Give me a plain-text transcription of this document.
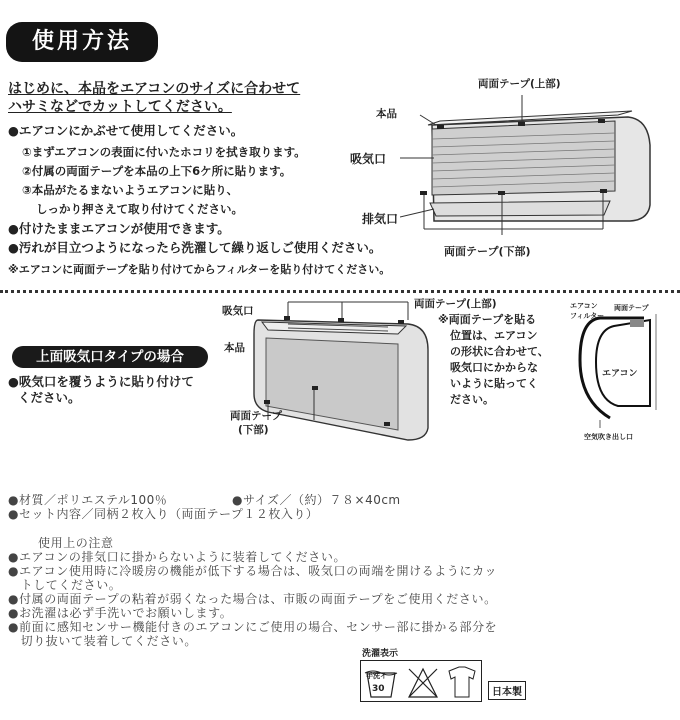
使用方法
はじめに、本品をエアコンのサイズに合わせて
ハサミなどでカットしてください。
●エアコンにかぶせて使用してください。
①まずエアコンの表面に付いたホコリを拭き取ります。
②付属の両面テープを本品の上下6ケ所に貼ります。
③本品がたるまないようエアコンに貼り、
しっかり押さえて取り付けてください。
●付けたままエアコンが使用できます。
●汚れが目立つようになったら洗濯して繰り返しご使用ください。
※エアコンに両面テープを貼り付けてからフィルターを貼り付けてください。
両面テープ(上部)
本品
吸気口
排気口
両面テープ(下部)
上面吸気口タイプの場合
●吸気口を覆うように貼り付けて
ください。
吸気口
両面テープ(上部)
本品
両面テープ
(下部)
※両面テープを貼る
位置は、エアコン
の形状に合わせて、
吸気口にかからな
いように貼ってく
ださい。
エアコン
フィルター
両面テープ
エアコン
空気吹き出し口
●材質／ポリエステル100％	●サイズ／（約）７８×40cm
●セット内容／同柄２枚入り（両面テープ１２枚入り）
使用上の注意
●エアコンの排気口に掛からないように装着してください。
●エアコン使用時に冷暖房の機能が低下する場合は、吸気口の両端を開けるようにカッ
　トしてください。
●付属の両面テープの粘着が弱くなった場合は、市販の両面テープをご使用ください。
●お洗濯は必ず手洗いでお願いします。
●前面に感知センサー機能付きのエアコンにご使用の場合、センサー部に掛かる部分を
　切り抜いて装着してください。
洗濯表示
手洗イ
30	日本製
